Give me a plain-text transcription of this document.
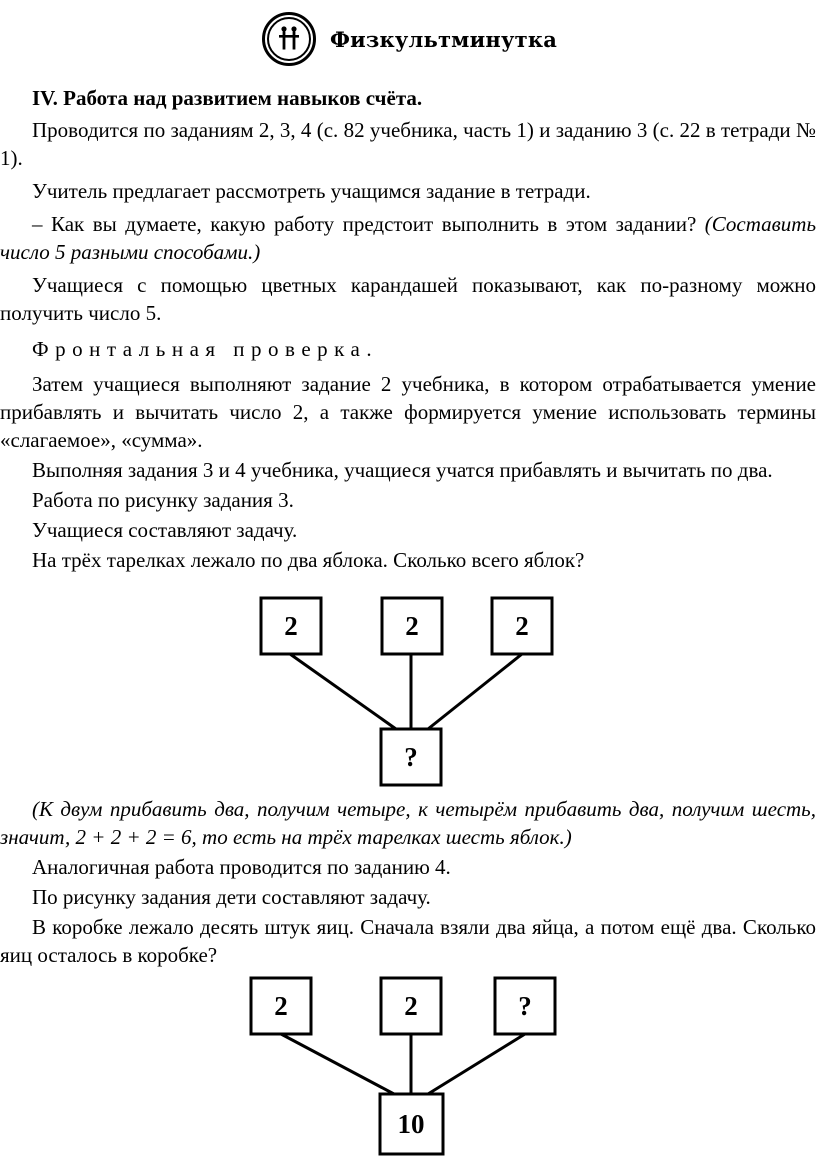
Физкультминутка

IV. Работа над развитием навыков счёта.

Проводится по заданиям 2, 3, 4 (с. 82 учебника, часть 1) и заданию 3 (с. 22 в тетради № 1).

Учитель предлагает рассмотреть учащимся задание в тетради.

– Как вы думаете, какую работу предстоит выполнить в этом задании? (Составить число 5 разными способами.)

Учащиеся с помощью цветных карандашей показывают, как по-разному можно получить число 5.

Фронтальная проверка.

Затем учащиеся выполняют задание 2 учебника, в котором отрабатывается умение прибавлять и вычитать число 2, а также формируется умение использовать термины «слагаемое», «сумма».

Выполняя задания 3 и 4 учебника, учащиеся учатся прибавлять и вычитать по два.

Работа по рисунку задания 3.

Учащиеся составляют задачу.

На трёх тарелках лежало по два яблока. Сколько всего яблок?

2	2	2
?

(К двум прибавить два, получим четыре, к четырём прибавить два, получим шесть, значит, 2 + 2 + 2 = 6, то есть на трёх тарелках шесть яблок.)

Аналогичная работа проводится по заданию 4.

По рисунку задания дети составляют задачу.

В коробке лежало десять штук яиц. Сначала взяли два яйца, а потом ещё два. Сколько яиц осталось в коробке?

2	2	?
10
